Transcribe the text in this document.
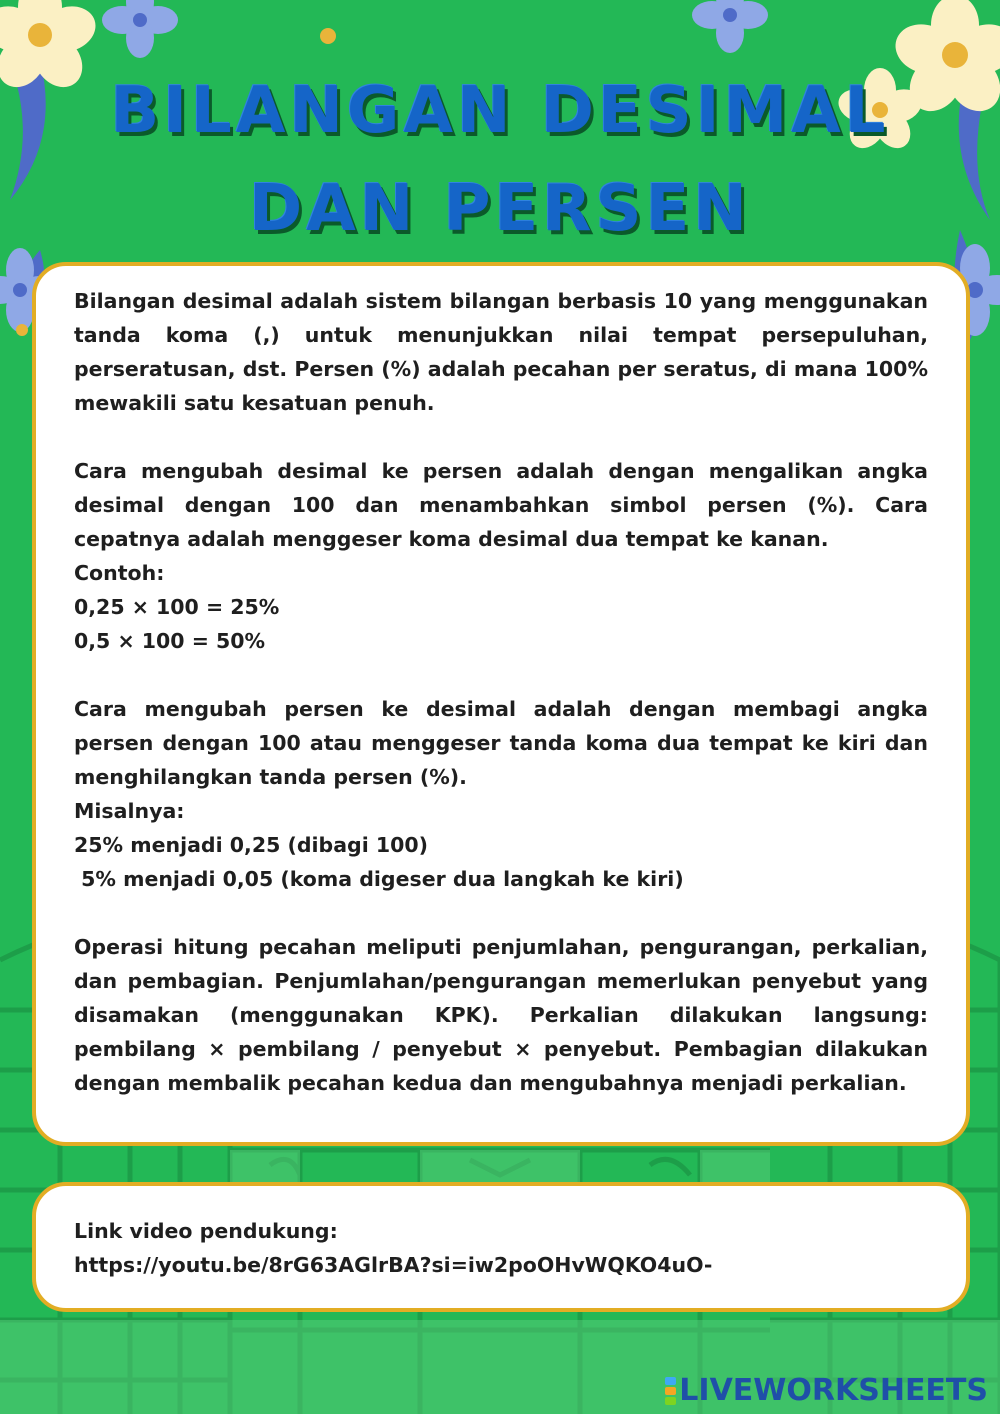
BILANGAN DESIMAL
DAN PERSEN

Bilangan desimal adalah sistem bilangan berbasis 10 yang menggunakan tanda koma (,) untuk menunjukkan nilai tempat persepuluhan, perseratusan, dst. Persen (%) adalah pecahan per seratus, di mana 100% mewakili satu kesatuan penuh.

Cara mengubah desimal ke persen adalah dengan mengalikan angka desimal dengan 100 dan menambahkan simbol persen (%). Cara cepatnya adalah menggeser koma desimal dua tempat ke kanan.

Contoh:

0,25 × 100 = 25%

0,5 × 100 = 50%

Cara mengubah persen ke desimal adalah dengan membagi angka persen dengan 100 atau menggeser tanda koma dua tempat ke kiri dan menghilangkan tanda persen (%).

Misalnya:

25% menjadi 0,25 (dibagi 100)

5% menjadi 0,05 (koma digeser dua langkah ke kiri)

Operasi hitung pecahan meliputi penjumlahan, pengurangan, perkalian, dan pembagian. Penjumlahan/pengurangan memerlukan penyebut yang disamakan (menggunakan KPK). Perkalian dilakukan langsung: pembilang × pembilang / penyebut × penyebut. Pembagian dilakukan dengan membalik pecahan kedua dan mengubahnya menjadi perkalian.

Link video pendukung:

https://youtu.be/8rG63AGlrBA?si=iw2poOHvWQKO4uO-

LIVEWORKSHEETS
